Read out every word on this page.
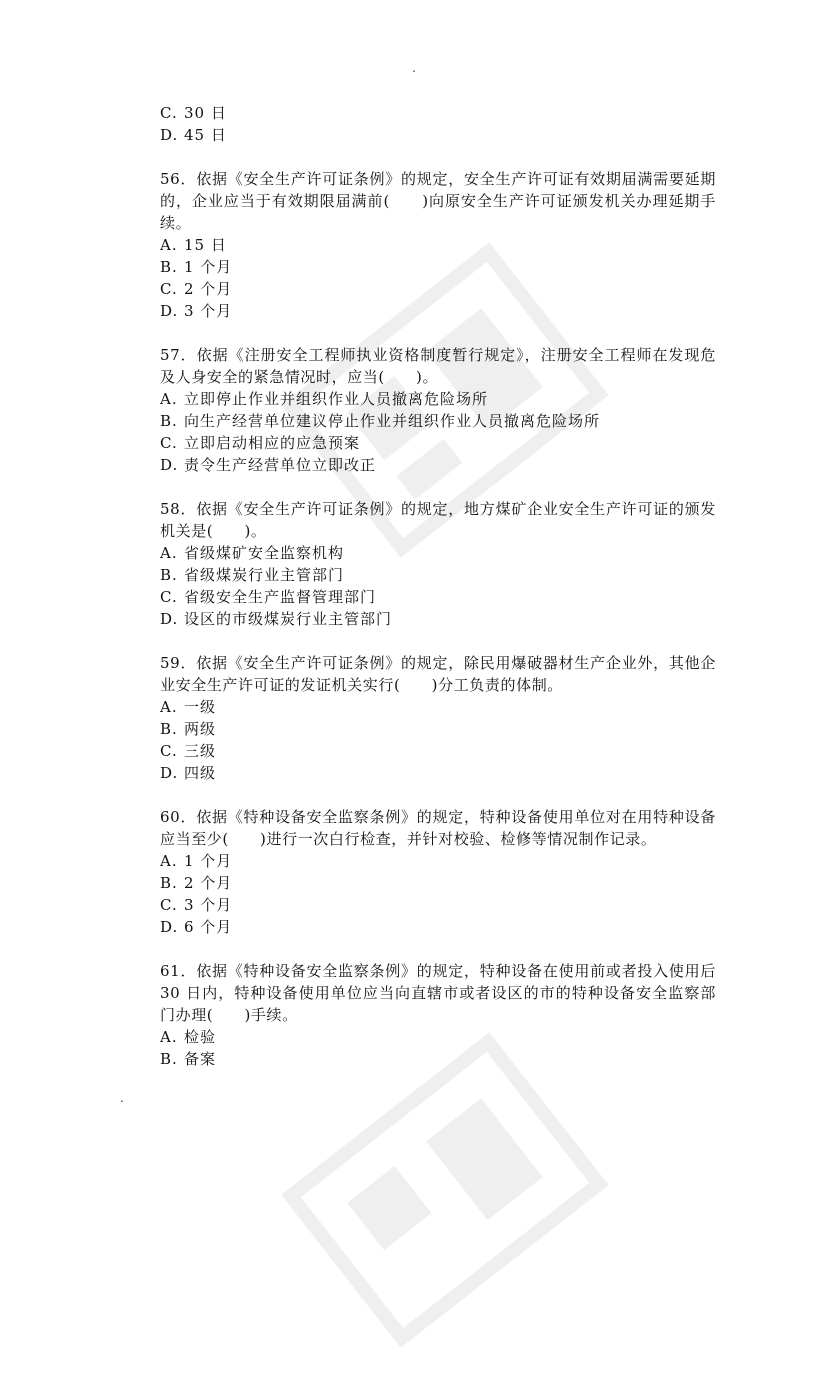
.
C. 30 日
D. 45 日
56．依据《安全生产许可证条例》的规定，安全生产许可证有效期届满需要延期的，企业应当于有效期限届满前(　　)向原安全生产许可证颁发机关办理延期手续。
A. 15 日
B. 1 个月
C. 2 个月
D. 3 个月
57．依据《注册安全工程师执业资格制度暂行规定》，注册安全工程师在发现危及人身安全的紧急情况时，应当(　　)。
A. 立即停止作业并组织作业人员撤离危险场所
B. 向生产经营单位建议停止作业并组织作业人员撤离危险场所
C. 立即启动相应的应急预案
D. 责令生产经营单位立即改正
58．依据《安全生产许可证条例》的规定，地方煤矿企业安全生产许可证的颁发机关是(　　)。
A. 省级煤矿安全监察机构
B. 省级煤炭行业主管部门
C. 省级安全生产监督管理部门
D. 设区的市级煤炭行业主管部门
59．依据《安全生产许可证条例》的规定，除民用爆破器材生产企业外，其他企业安全生产许可证的发证机关实行(　　)分工负责的体制。
A. 一级
B. 两级
C. 三级
D. 四级
60．依据《特种设备安全监察条例》的规定，特种设备使用单位对在用特种设备应当至少(　　)进行一次白行检查，并针对校验、检修等情况制作记录。
A. 1 个月
B. 2 个月
C. 3 个月
D. 6 个月
61．依据《特种设备安全监察条例》的规定，特种设备在使用前或者投入使用后 30 日内，特种设备使用单位应当向直辖市或者设区的市的特种设备安全监察部门办理(　　)手续。
A. 检验
B. 备案
.
